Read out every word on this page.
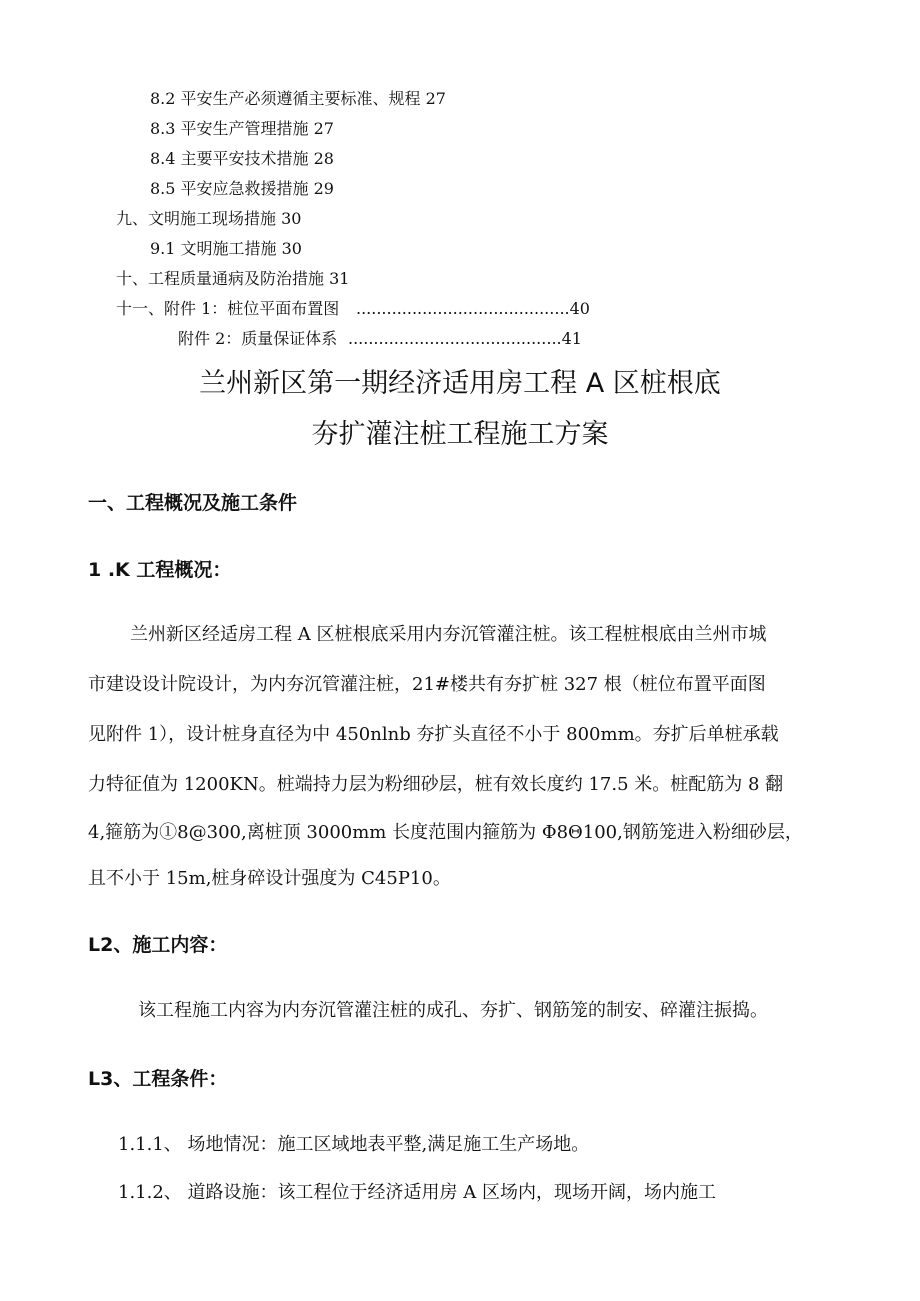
8.2 平安生产必须遵循主要标准、规程 27
8.3 平安生产管理措施 27
8.4 主要平安技术措施 28
8.5 平安应急救援措施 29
九、文明施工现场措施 30
9.1 文明施工措施 30
十、工程质量通病及防治措施 31
十一、附件 1：桩位平面布置图 ..........................................40
附件 2：质量保证体系 ..........................................41
兰州新区第一期经济适用房工程 A 区桩根底
夯扩灌注桩工程施工方案
一、工程概况及施工条件
1 .K 工程概况：
兰州新区经适房工程 A 区桩根底采用内夯沉管灌注桩。该工程桩根底由兰州市城
市建设设计院设计，为内夯沉管灌注桩，21#楼共有夯扩桩 327 根（桩位布置平面图
见附件 1），设计桩身直径为中 450nlnb 夯扩头直径不小于 800mm。夯扩后单桩承载
力特征值为 1200KN。桩端持力层为粉细砂层，桩有效长度约 17.5 米。桩配筋为 8 翻
4,箍筋为①8@300,离桩顶 3000mm 长度范围内箍筋为 Φ8Θ100,钢筋笼进入粉细砂层，
且不小于 15m,桩身碎设计强度为 C45P10。
L2、施工内容：
该工程施工内容为内夯沉管灌注桩的成孔、夯扩、钢筋笼的制安、碎灌注振捣。
L3、工程条件：
1.1.1、 场地情况：施工区域地表平整,满足施工生产场地。
1.1.2、 道路设施：该工程位于经济适用房 A 区场内，现场开阔，场内施工
